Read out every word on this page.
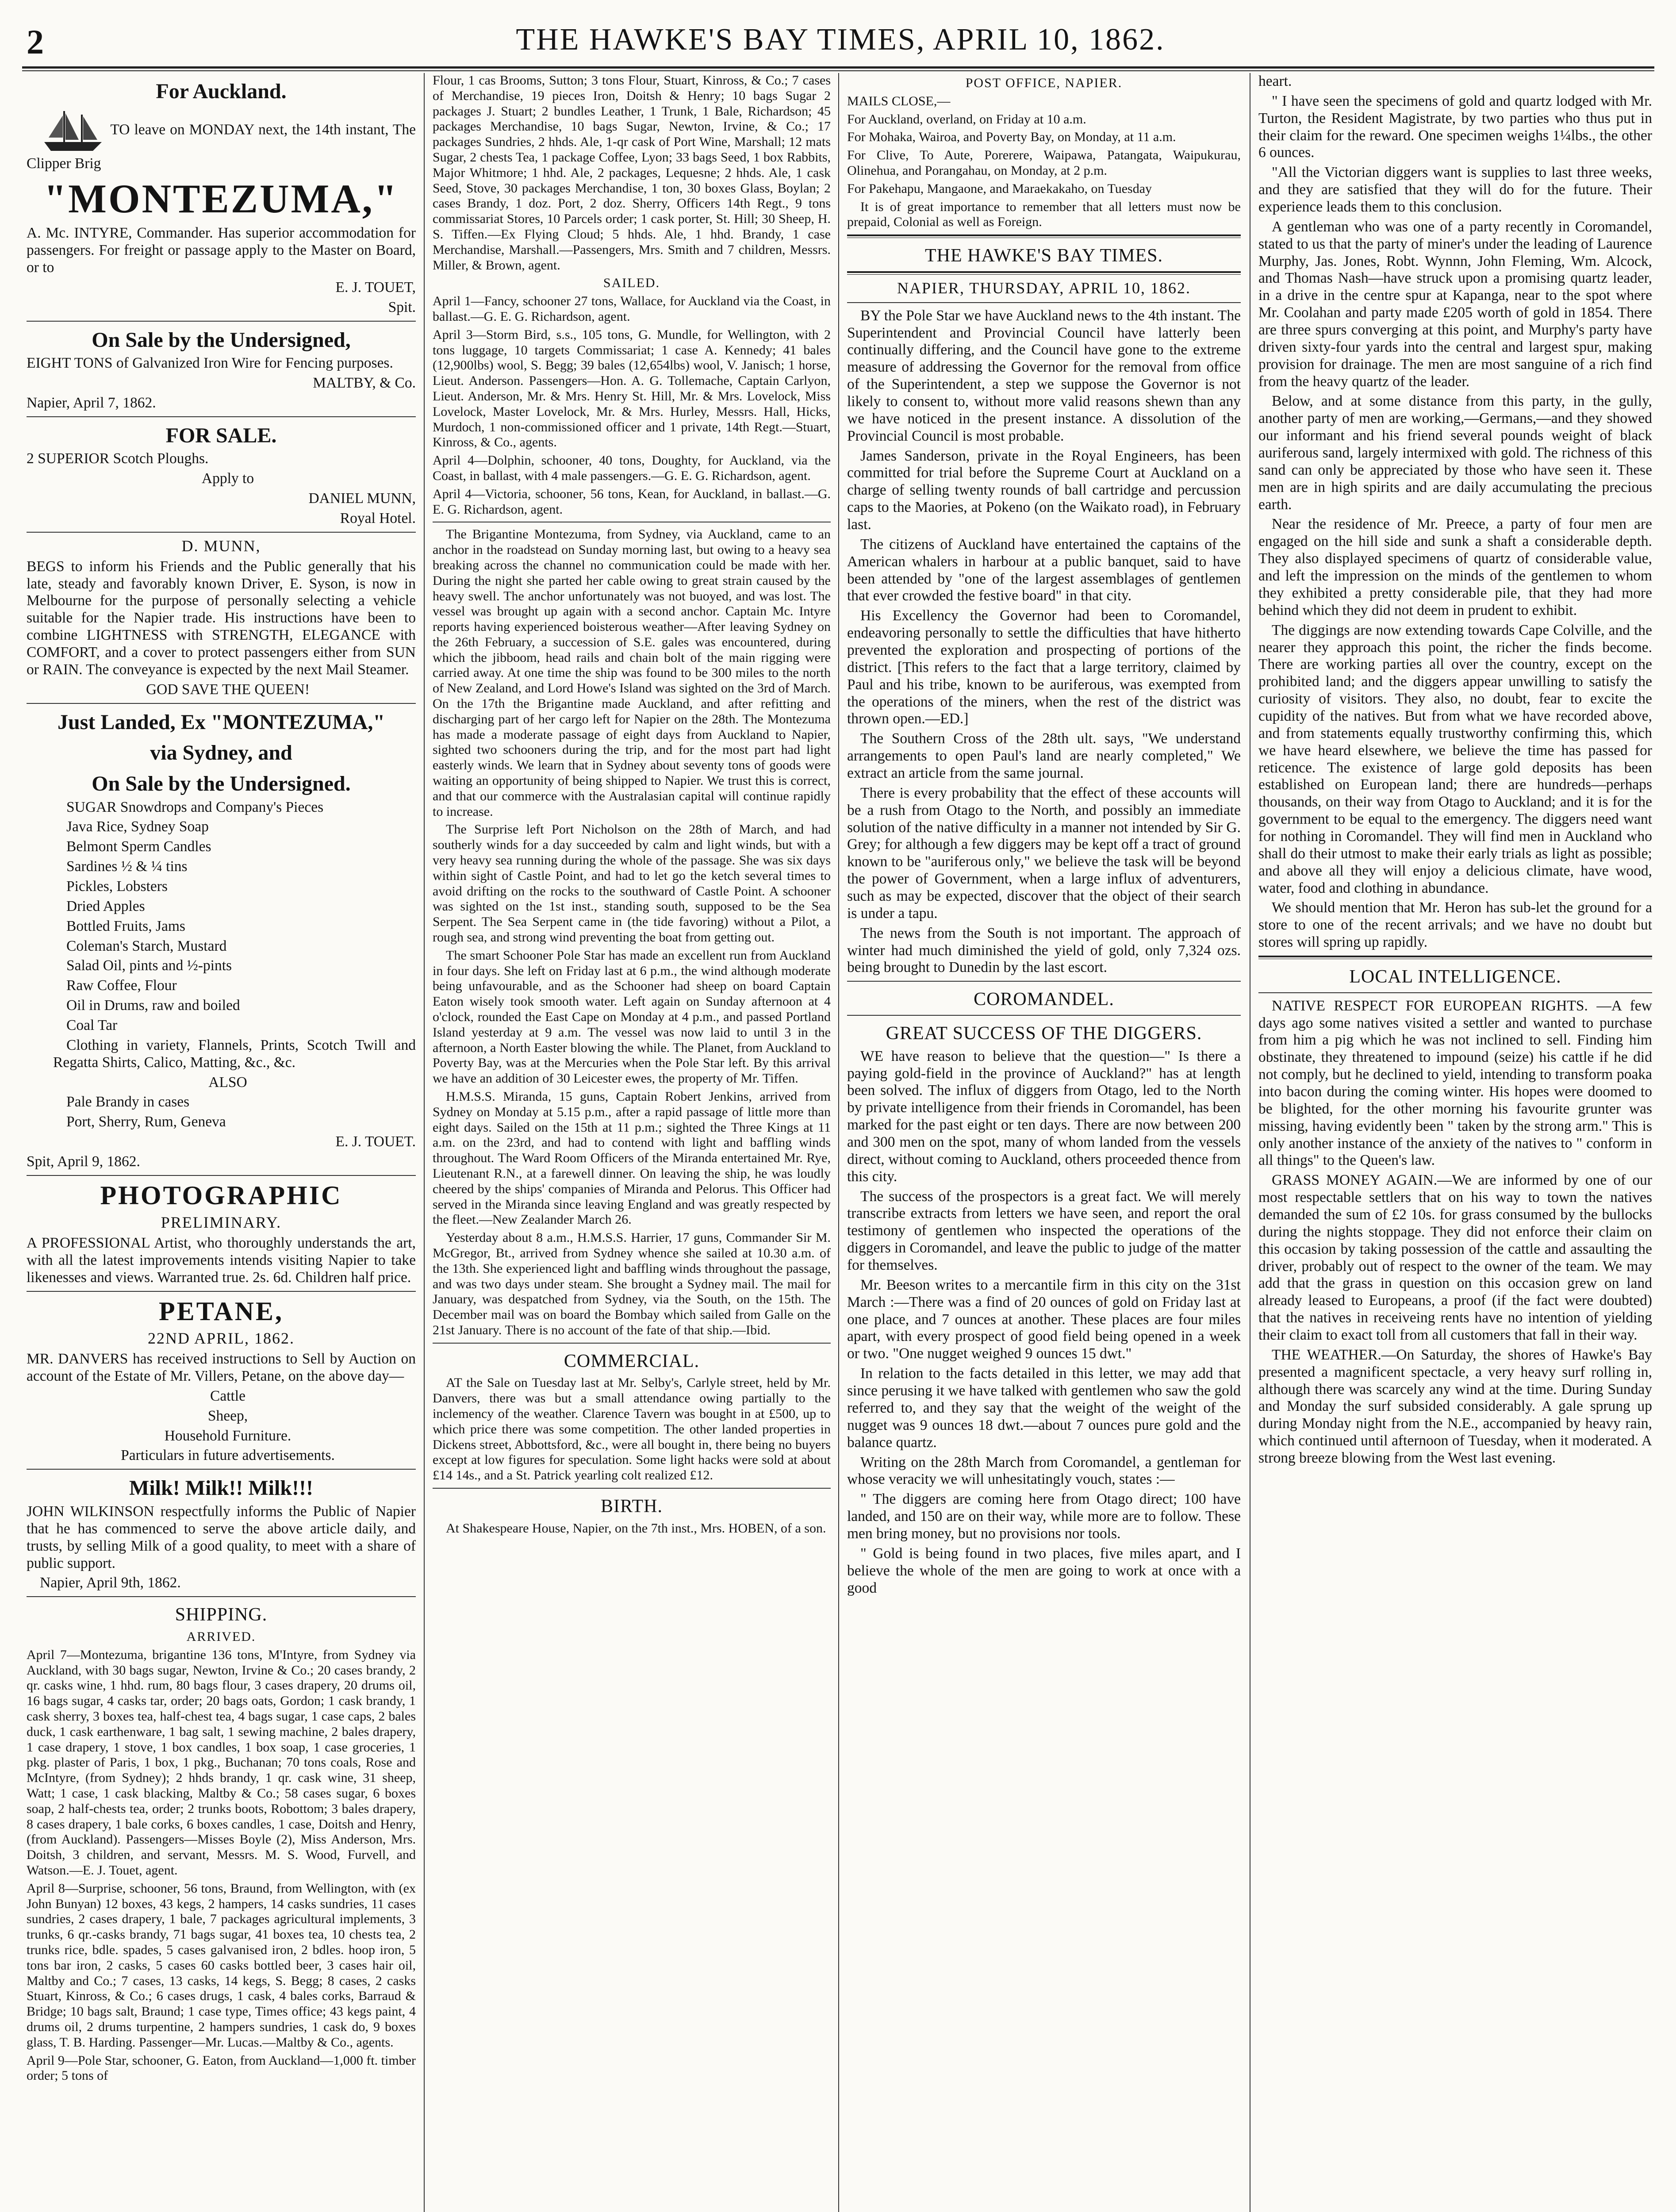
2	THE HAWKE'S BAY TIMES, APRIL 10, 1862.
For Auckland.

TO leave on MONDAY next, the 14th instant, The Clipper Brig

"MONTEZUMA,"

A. Mc. INTYRE, Commander. Has superior accommodation for passengers. For freight or passage apply to the Master on Board, or to

E. J. TOUET,

Spit.

On Sale by the Undersigned,

EIGHT TONS of Galvanized Iron Wire for Fencing purposes.

MALTBY, & Co.

Napier, April 7, 1862.

FOR SALE.

2 SUPERIOR Scotch Ploughs.

Apply to

DANIEL MUNN,

Royal Hotel.

D. MUNN,

BEGS to inform his Friends and the Public generally that his late, steady and favorably known Driver, E. Syson, is now in Melbourne for the purpose of personally selecting a vehicle suitable for the Napier trade. His instructions have been to combine LIGHTNESS with STRENGTH, ELEGANCE with COMFORT, and a cover to protect passengers either from SUN or RAIN. The conveyance is expected by the next Mail Steamer.

GOD SAVE THE QUEEN!

Just Landed, Ex "MONTEZUMA,"
via Sydney, and
On Sale by the Undersigned.

SUGAR Snowdrops and Company's Pieces

Java Rice, Sydney Soap

Belmont Sperm Candles

Sardines ½ & ¼ tins

Pickles, Lobsters

Dried Apples

Bottled Fruits, Jams

Coleman's Starch, Mustard

Salad Oil, pints and ½-pints

Raw Coffee, Flour

Oil in Drums, raw and boiled

Coal Tar

Clothing in variety, Flannels, Prints, Scotch Twill and Regatta Shirts, Calico, Matting, &c., &c.

ALSO

Pale Brandy in cases

Port, Sherry, Rum, Geneva

E. J. TOUET.

Spit, April 9, 1862.

PHOTOGRAPHIC
PRELIMINARY.

A PROFESSIONAL Artist, who thoroughly understands the art, with all the latest improvements intends visiting Napier to take likenesses and views. Warranted true. 2s. 6d. Children half price.

PETANE,
22ND APRIL, 1862.

MR. DANVERS has received instructions to Sell by Auction on account of the Estate of Mr. Villers, Petane, on the above day—

Cattle

Sheep,

Household Furniture.

Particulars in future advertisements.

Milk! Milk!! Milk!!!

JOHN WILKINSON respectfully informs the Public of Napier that he has commenced to serve the above article daily, and trusts, by selling Milk of a good quality, to meet with a share of public support.

Napier, April 9th, 1862.

SHIPPING.
ARRIVED.

April 7—Montezuma, brigantine 136 tons, M'Intyre, from Sydney via Auckland, with 30 bags sugar, Newton, Irvine & Co.; 20 cases brandy, 2 qr. casks wine, 1 hhd. rum, 80 bags flour, 3 cases drapery, 20 drums oil, 16 bags sugar, 4 casks tar, order; 20 bags oats, Gordon; 1 cask brandy, 1 cask sherry, 3 boxes tea, half-chest tea, 4 bags sugar, 1 case caps, 2 bales duck, 1 cask earthenware, 1 bag salt, 1 sewing machine, 2 bales drapery, 1 case drapery, 1 stove, 1 box candles, 1 box soap, 1 case groceries, 1 pkg. plaster of Paris, 1 box, 1 pkg., Buchanan; 70 tons coals, Rose and McIntyre, (from Sydney); 2 hhds brandy, 1 qr. cask wine, 31 sheep, Watt; 1 case, 1 cask blacking, Maltby & Co.; 58 cases sugar, 6 boxes soap, 2 half-chests tea, order; 2 trunks boots, Robottom; 3 bales drapery, 8 cases drapery, 1 bale corks, 6 boxes candles, 1 case, Doitsh and Henry, (from Auckland). Passengers—Misses Boyle (2), Miss Anderson, Mrs. Doitsh, 3 children, and servant, Messrs. M. S. Wood, Furvell, and Watson.—E. J. Touet, agent.

April 8—Surprise, schooner, 56 tons, Braund, from Wellington, with (ex John Bunyan) 12 boxes, 43 kegs, 2 hampers, 14 casks sundries, 11 cases sundries, 2 cases drapery, 1 bale, 7 packages agricultural implements, 3 trunks, 6 qr.-casks brandy, 71 bags sugar, 41 boxes tea, 10 chests tea, 2 trunks rice, bdle. spades, 5 cases galvanised iron, 2 bdles. hoop iron, 5 tons bar iron, 2 casks, 5 cases 60 casks bottled beer, 3 cases hair oil, Maltby and Co.; 7 cases, 13 casks, 14 kegs, S. Begg; 8 cases, 2 casks Stuart, Kinross, & Co.; 6 cases drugs, 1 cask, 4 bales corks, Barraud & Bridge; 10 bags salt, Braund; 1 case type, Times office; 43 kegs paint, 4 drums oil, 2 drums turpentine, 2 hampers sundries, 1 cask do, 9 boxes glass, T. B. Harding. Passenger—Mr. Lucas.—Maltby & Co., agents.

April 9—Pole Star, schooner, G. Eaton, from Auckland—1,000 ft. timber order; 5 tons of

Flour, 1 cas Brooms, Sutton; 3 tons Flour, Stuart, Kinross, & Co.; 7 cases of Merchandise, 19 pieces Iron, Doitsh & Henry; 10 bags Sugar 2 packages J. Stuart; 2 bundles Leather, 1 Trunk, 1 Bale, Richardson; 45 packages Merchandise, 10 bags Sugar, Newton, Irvine, & Co.; 17 packages Sundries, 2 hhds. Ale, 1-qr cask of Port Wine, Marshall; 12 mats Sugar, 2 chests Tea, 1 package Coffee, Lyon; 33 bags Seed, 1 box Rabbits, Major Whitmore; 1 hhd. Ale, 2 packages, Lequesne; 2 hhds. Ale, 1 cask Seed, Stove, 30 packages Merchandise, 1 ton, 30 boxes Glass, Boylan; 2 cases Brandy, 1 doz. Port, 2 doz. Sherry, Officers 14th Regt., 9 tons commissariat Stores, 10 Parcels order; 1 cask porter, St. Hill; 30 Sheep, H. S. Tiffen.—Ex Flying Cloud; 5 hhds. Ale, 1 hhd. Brandy, 1 case Merchandise, Marshall.—Passengers, Mrs. Smith and 7 children, Messrs. Miller, & Brown, agent.

SAILED.

April 1—Fancy, schooner 27 tons, Wallace, for Auckland via the Coast, in ballast.—G. E. G. Richardson, agent.

April 3—Storm Bird, s.s., 105 tons, G. Mundle, for Wellington, with 2 tons luggage, 10 targets Commissariat; 1 case A. Kennedy; 41 bales (12,900lbs) wool, S. Begg; 39 bales (12,654lbs) wool, V. Janisch; 1 horse, Lieut. Anderson. Passengers—Hon. A. G. Tollemache, Captain Carlyon, Lieut. Anderson, Mr. & Mrs. Henry St. Hill, Mr. & Mrs. Lovelock, Miss Lovelock, Master Lovelock, Mr. & Mrs. Hurley, Messrs. Hall, Hicks, Murdoch, 1 non-commissioned officer and 1 private, 14th Regt.—Stuart, Kinross, & Co., agents.

April 4—Dolphin, schooner, 40 tons, Doughty, for Auckland, via the Coast, in ballast, with 4 male passengers.—G. E. G. Richardson, agent.

April 4—Victoria, schooner, 56 tons, Kean, for Auckland, in ballast.—G. E. G. Richardson, agent.

The Brigantine Montezuma, from Sydney, via Auckland, came to an anchor in the roadstead on Sunday morning last, but owing to a heavy sea breaking across the channel no communication could be made with her. During the night she parted her cable owing to great strain caused by the heavy swell. The anchor unfortunately was not buoyed, and was lost. The vessel was brought up again with a second anchor. Captain Mc. Intyre reports having experienced boisterous weather—After leaving Sydney on the 26th February, a succession of S.E. gales was encountered, during which the jibboom, head rails and chain bolt of the main rigging were carried away. At one time the ship was found to be 300 miles to the north of New Zealand, and Lord Howe's Island was sighted on the 3rd of March. On the 17th the Brigantine made Auckland, and after refitting and discharging part of her cargo left for Napier on the 28th. The Montezuma has made a moderate passage of eight days from Auckland to Napier, sighted two schooners during the trip, and for the most part had light easterly winds. We learn that in Sydney about seventy tons of goods were waiting an opportunity of being shipped to Napier. We trust this is correct, and that our commerce with the Australasian capital will continue rapidly to increase.

The Surprise left Port Nicholson on the 28th of March, and had southerly winds for a day succeeded by calm and light winds, but with a very heavy sea running during the whole of the passage. She was six days within sight of Castle Point, and had to let go the ketch several times to avoid drifting on the rocks to the southward of Castle Point. A schooner was sighted on the 1st inst., standing south, supposed to be the Sea Serpent. The Sea Serpent came in (the tide favoring) without a Pilot, a rough sea, and strong wind preventing the boat from getting out.

The smart Schooner Pole Star has made an excellent run from Auckland in four days. She left on Friday last at 6 p.m., the wind although moderate being unfavourable, and as the Schooner had sheep on board Captain Eaton wisely took smooth water. Left again on Sunday afternoon at 4 o'clock, rounded the East Cape on Monday at 4 p.m., and passed Portland Island yesterday at 9 a.m. The vessel was now laid to until 3 in the afternoon, a North Easter blowing the while. The Planet, from Auckland to Poverty Bay, was at the Mercuries when the Pole Star left. By this arrival we have an addition of 30 Leicester ewes, the property of Mr. Tiffen.

H.M.S.S. Miranda, 15 guns, Captain Robert Jenkins, arrived from Sydney on Monday at 5.15 p.m., after a rapid passage of little more than eight days. Sailed on the 15th at 11 p.m.; sighted the Three Kings at 11 a.m. on the 23rd, and had to contend with light and baffling winds throughout. The Ward Room Officers of the Miranda entertained Mr. Rye, Lieutenant R.N., at a farewell dinner. On leaving the ship, he was loudly cheered by the ships' companies of Miranda and Pelorus. This Officer had served in the Miranda since leaving England and was greatly respected by the fleet.—New Zealander March 26.

Yesterday about 8 a.m., H.M.S.S. Harrier, 17 guns, Commander Sir M. McGregor, Bt., arrived from Sydney whence she sailed at 10.30 a.m. of the 13th. She experienced light and baffling winds throughout the passage, and was two days under steam. She brought a Sydney mail. The mail for January, was despatched from Sydney, via the South, on the 15th. The December mail was on board the Bombay which sailed from Galle on the 21st January. There is no account of the fate of that ship.—Ibid.

COMMERCIAL.

AT the Sale on Tuesday last at Mr. Selby's, Carlyle street, held by Mr. Danvers, there was but a small attendance owing partially to the inclemency of the weather. Clarence Tavern was bought in at £500, up to which price there was some competition. The other landed properties in Dickens street, Abbottsford, &c., were all bought in, there being no buyers except at low figures for speculation. Some light hacks were sold at about £14 14s., and a St. Patrick yearling colt realized £12.

BIRTH.

At Shakespeare House, Napier, on the 7th inst., Mrs. HOBEN, of a son.

POST OFFICE, NAPIER.

MAILS CLOSE,—

For Auckland, overland, on Friday at 10 a.m.

For Mohaka, Wairoa, and Poverty Bay, on Monday, at 11 a.m.

For Clive, To Aute, Porerere, Waipawa, Patangata, Waipukurau, Olinehua, and Porangahau, on Monday, at 2 p.m.

For Pakehapu, Mangaone, and Maraekakaho, on Tuesday

It is of great importance to remember that all letters must now be prepaid, Colonial as well as Foreign.

THE HAWKE'S BAY TIMES.
NAPIER, THURSDAY, APRIL 10, 1862.

BY the Pole Star we have Auckland news to the 4th instant. The Superintendent and Provincial Council have latterly been continually differing, and the Council have gone to the extreme measure of addressing the Governor for the removal from office of the Superintendent, a step we suppose the Governor is not likely to consent to, without more valid reasons shewn than any we have noticed in the present instance. A dissolution of the Provincial Council is most probable.

James Sanderson, private in the Royal Engineers, has been committed for trial before the Supreme Court at Auckland on a charge of selling twenty rounds of ball cartridge and percussion caps to the Maories, at Pokeno (on the Waikato road), in February last.

The citizens of Auckland have entertained the captains of the American whalers in harbour at a public banquet, said to have been attended by "one of the largest assemblages of gentlemen that ever crowded the festive board" in that city.

His Excellency the Governor had been to Coromandel, endeavoring personally to settle the difficulties that have hitherto prevented the exploration and prospecting of portions of the district. [This refers to the fact that a large territory, claimed by Paul and his tribe, known to be auriferous, was exempted from the operations of the miners, when the rest of the district was thrown open.—ED.]

The Southern Cross of the 28th ult. says, "We understand arrangements to open Paul's land are nearly completed," We extract an article from the same journal.

There is every probability that the effect of these accounts will be a rush from Otago to the North, and possibly an immediate solution of the native difficulty in a manner not intended by Sir G. Grey; for although a few diggers may be kept off a tract of ground known to be "auriferous only," we believe the task will be beyond the power of Government, when a large influx of adventurers, such as may be expected, discover that the object of their search is under a tapu.

The news from the South is not important. The approach of winter had much diminished the yield of gold, only 7,324 ozs. being brought to Dunedin by the last escort.

COROMANDEL.
GREAT SUCCESS OF THE DIGGERS.

WE have reason to believe that the question—" Is there a paying gold-field in the province of Auckland?" has at length been solved. The influx of diggers from Otago, led to the North by private intelligence from their friends in Coromandel, has been marked for the past eight or ten days. There are now between 200 and 300 men on the spot, many of whom landed from the vessels direct, without coming to Auckland, others proceeded thence from this city.

The success of the prospectors is a great fact. We will merely transcribe extracts from letters we have seen, and report the oral testimony of gentlemen who inspected the operations of the diggers in Coromandel, and leave the public to judge of the matter for themselves.

Mr. Beeson writes to a mercantile firm in this city on the 31st March :—There was a find of 20 ounces of gold on Friday last at one place, and 7 ounces at another. These places are four miles apart, with every prospect of good field being opened in a week or two. "One nugget weighed 9 ounces 15 dwt."

In relation to the facts detailed in this letter, we may add that since perusing it we have talked with gentlemen who saw the gold referred to, and they say that the weight of the weight of the nugget was 9 ounces 18 dwt.—about 7 ounces pure gold and the balance quartz.

Writing on the 28th March from Coromandel, a gentleman for whose veracity we will unhesitatingly vouch, states :—

" The diggers are coming here from Otago direct; 100 have landed, and 150 are on their way, while more are to follow. These men bring money, but no provisions nor tools.

" Gold is being found in two places, five miles apart, and I believe the whole of the men are going to work at once with a good

heart.

" I have seen the specimens of gold and quartz lodged with Mr. Turton, the Resident Magistrate, by two parties who thus put in their claim for the reward. One specimen weighs 1¼lbs., the other 6 ounces.

"All the Victorian diggers want is supplies to last three weeks, and they are satisfied that they will do for the future. Their experience leads them to this conclusion.

A gentleman who was one of a party recently in Coromandel, stated to us that the party of miner's under the leading of Laurence Murphy, Jas. Jones, Robt. Wynnn, John Fleming, Wm. Alcock, and Thomas Nash—have struck upon a promising quartz leader, in a drive in the centre spur at Kapanga, near to the spot where Mr. Coolahan and party made £205 worth of gold in 1854. There are three spurs converging at this point, and Murphy's party have driven sixty-four yards into the central and largest spur, making provision for drainage. The men are most sanguine of a rich find from the heavy quartz of the leader.

Below, and at some distance from this party, in the gully, another party of men are working,—Germans,—and they showed our informant and his friend several pounds weight of black auriferous sand, largely intermixed with gold. The richness of this sand can only be appreciated by those who have seen it. These men are in high spirits and are daily accumulating the precious earth.

Near the residence of Mr. Preece, a party of four men are engaged on the hill side and sunk a shaft a considerable depth. They also displayed specimens of quartz of considerable value, and left the impression on the minds of the gentlemen to whom they exhibited a pretty considerable pile, that they had more behind which they did not deem in prudent to exhibit.

The diggings are now extending towards Cape Colville, and the nearer they approach this point, the richer the finds become. There are working parties all over the country, except on the prohibited land; and the diggers appear unwilling to satisfy the curiosity of visitors. They also, no doubt, fear to excite the cupidity of the natives. But from what we have recorded above, and from statements equally trustworthy confirming this, which we have heard elsewhere, we believe the time has passed for reticence. The existence of large gold deposits has been established on European land; there are hundreds—perhaps thousands, on their way from Otago to Auckland; and it is for the government to be equal to the emergency. The diggers need want for nothing in Coromandel. They will find men in Auckland who shall do their utmost to make their early trials as light as possible; and above all they will enjoy a delicious climate, have wood, water, food and clothing in abundance.

We should mention that Mr. Heron has sub-let the ground for a store to one of the recent arrivals; and we have no doubt but stores will spring up rapidly.

LOCAL INTELLIGENCE.

NATIVE RESPECT FOR EUROPEAN RIGHTS. —A few days ago some natives visited a settler and wanted to purchase from him a pig which he was not inclined to sell. Finding him obstinate, they threatened to impound (seize) his cattle if he did not comply, but he declined to yield, intending to transform poaka into bacon during the coming winter. His hopes were doomed to be blighted, for the other morning his favourite grunter was missing, having evidently been " taken by the strong arm." This is only another instance of the anxiety of the natives to " conform in all things" to the Queen's law.

GRASS MONEY AGAIN.—We are informed by one of our most respectable settlers that on his way to town the natives demanded the sum of £2 10s. for grass consumed by the bullocks during the nights stoppage. They did not enforce their claim on this occasion by taking possession of the cattle and assaulting the driver, probably out of respect to the owner of the team. We may add that the grass in question on this occasion grew on land already leased to Europeans, a proof (if the fact were doubted) that the natives in receiveing rents have no intention of yielding their claim to exact toll from all customers that fall in their way.

THE WEATHER.—On Saturday, the shores of Hawke's Bay presented a magnificent spectacle, a very heavy surf rolling in, although there was scarcely any wind at the time. During Sunday and Monday the surf subsided considerably. A gale sprung up during Monday night from the N.E., accompanied by heavy rain, which continued until afternoon of Tuesday, when it moderated. A strong breeze blowing from the West last evening.
